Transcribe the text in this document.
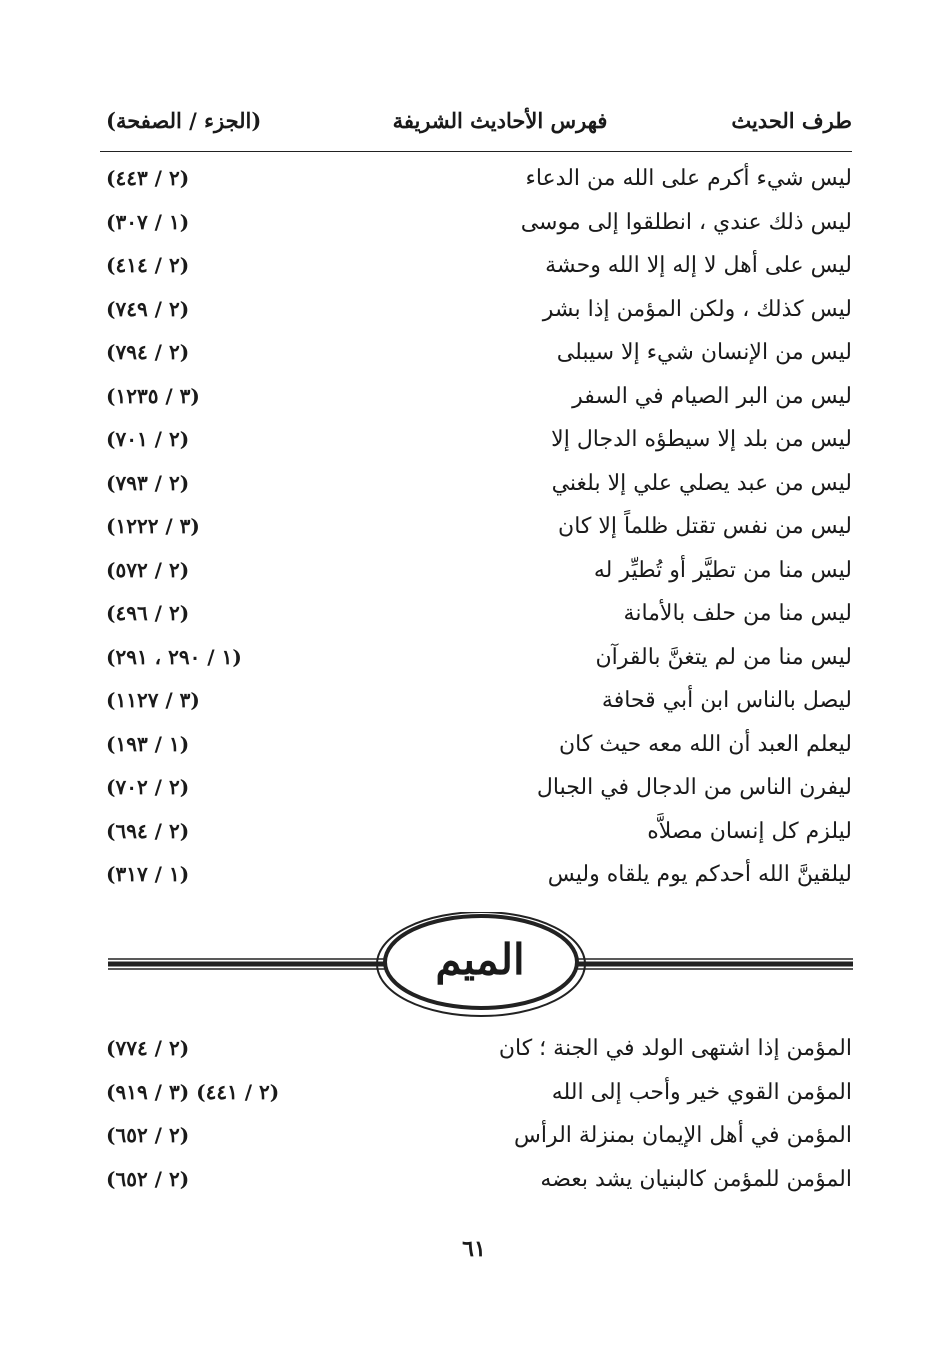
طرف الحديث
فهرس الأحاديث الشريفة
(الجزء / الصفحة)
ليس شيء أكرم على الله من الدعاء
(٢ / ٤٤٣)
ليس ذلك عندي ، انطلقوا إلى موسى
(١ / ٣٠٧)
ليس على أهل لا إله إلا الله وحشة
(٢ / ٤١٤)
ليس كذلك ، ولكن المؤمن إذا بشر
(٢ / ٧٤٩)
ليس من الإنسان شيء إلا سيبلى
(٢ / ٧٩٤)
ليس من البر الصيام في السفر
(٣ / ١٢٣٥)
ليس من بلد إلا سيطؤه الدجال إلا
(٢ / ٧٠١)
ليس من عبد يصلي علي إلا بلغني
(٢ / ٧٩٣)
ليس من نفس تقتل ظلماً إلا كان
(٣ / ١٢٢٢)
ليس منا من تطيَّر أو تُطيِّر له
(٢ / ٥٧٢)
ليس منا من حلف بالأمانة
(٢ / ٤٩٦)
ليس منا من لم يتغنَّ بالقرآن
(١ / ٢٩٠ ، ٢٩١)
ليصل بالناس ابن أبي قحافة
(٣ / ١١٢٧)
ليعلم العبد أن الله معه حيث كان
(١ / ١٩٣)
ليفرن الناس من الدجال في الجبال
(٢ / ٧٠٢)
ليلزم كل إنسان مصلاَّه
(٢ / ٦٩٤)
ليلقينَّ الله أحدكم يوم يلقاه وليس
(١ / ٣١٧)
الميم
المؤمن إذا اشتهى الولد في الجنة ؛ كان
(٢ / ٧٧٤)
المؤمن القوي خير وأحب إلى الله
(٢ / ٤٤١) (٣ / ٩١٩)
المؤمن في أهل الإيمان بمنزلة الرأس
(٢ / ٦٥٢)
المؤمن للمؤمن كالبنيان يشد بعضه
(٢ / ٦٥٢)
٦١
